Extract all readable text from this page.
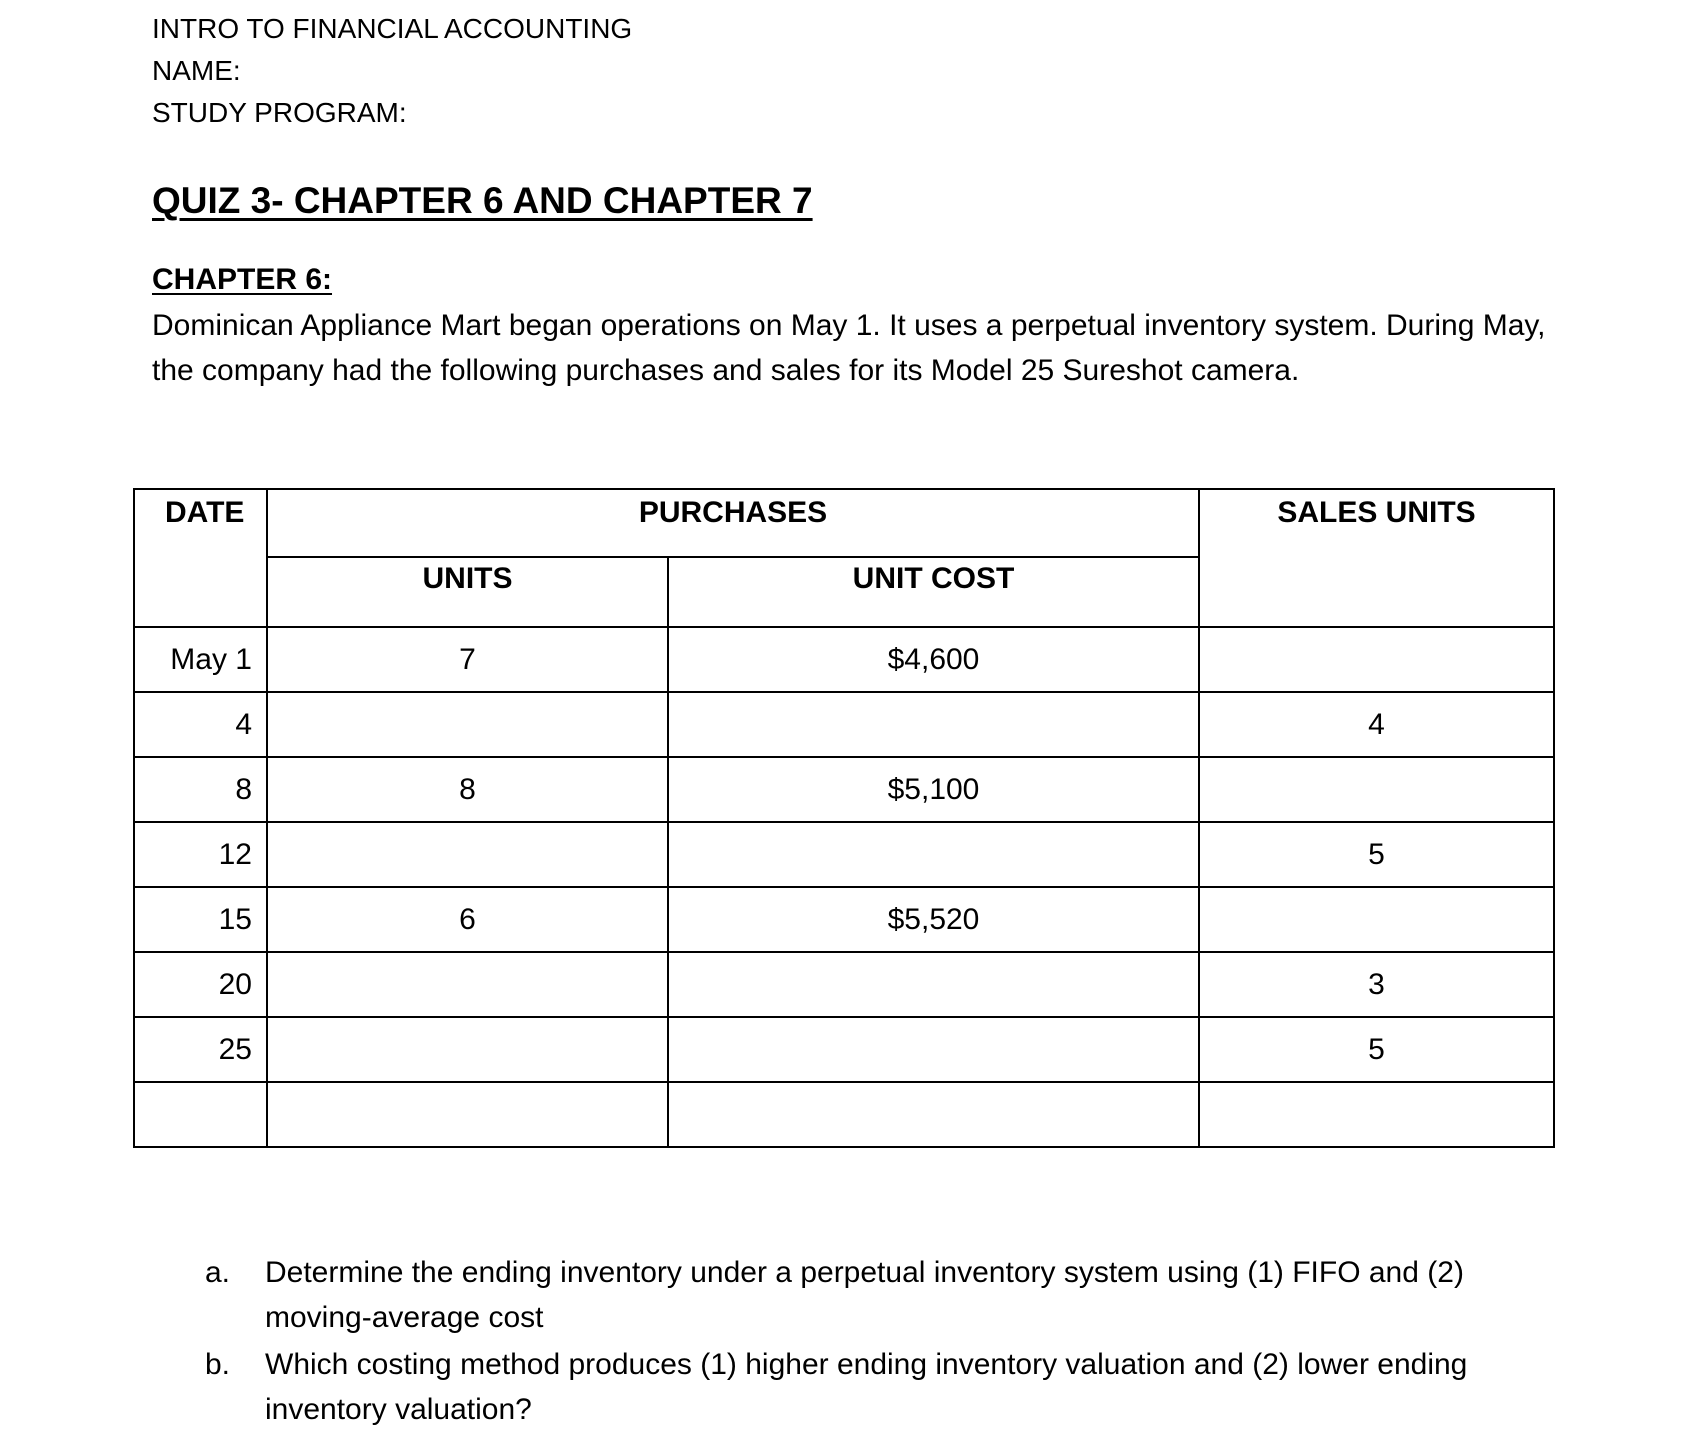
INTRO TO FINANCIAL ACCOUNTING
NAME:
STUDY PROGRAM:
QUIZ 3- CHAPTER 6 AND CHAPTER 7
CHAPTER 6:
Dominican Appliance Mart began operations on May 1. It uses a perpetual inventory system. During May, the company had the following purchases and sales for its Model 25 Sureshot camera.
DATE	PURCHASES		SALES UNITS
	UNITS	UNIT COST	
May 1	7	$4,600	
4			4
8	8	$5,100	
12			5
15	6	$5,520	
20			3
25			5

a.	Determine the ending inventory under a perpetual inventory system using (1) FIFO and (2) moving-average cost
b.	Which costing method produces (1) higher ending inventory valuation and (2) lower ending inventory valuation?
